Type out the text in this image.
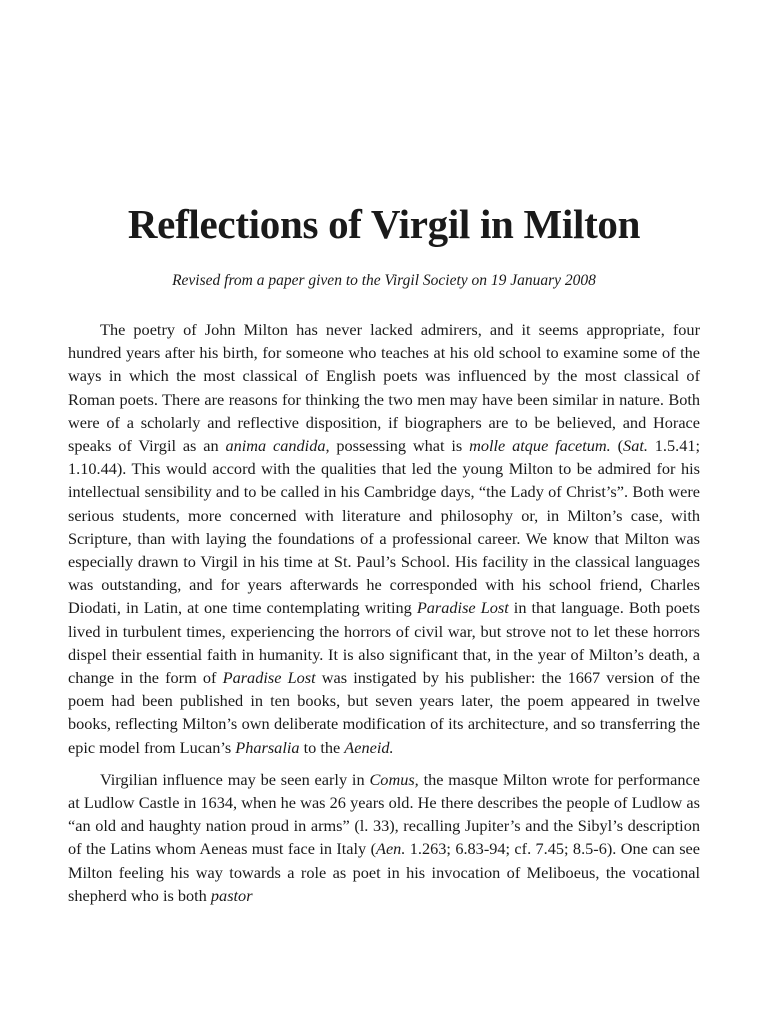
Reflections of Virgil in Milton

Revised from a paper given to the Virgil Society on 19 January 2008

The poetry of John Milton has never lacked admirers, and it seems appropriate, four hundred years after his birth, for someone who teaches at his old school to examine some of the ways in which the most classical of English poets was influenced by the most classical of Roman poets. There are reasons for thinking the two men may have been similar in nature. Both were of a scholarly and reflective disposition, if biographers are to be believed, and Horace speaks of Virgil as an anima candida, possessing what is molle atque facetum. (Sat. 1.5.41; 1.10.44). This would accord with the qualities that led the young Milton to be admired for his intellectual sensibility and to be called in his Cambridge days, “the Lady of Christ’s”. Both were serious students, more concerned with literature and philosophy or, in Milton’s case, with Scripture, than with laying the foundations of a professional career. We know that Milton was especially drawn to Virgil in his time at St. Paul’s School. His facility in the classical languages was outstanding, and for years afterwards he corresponded with his school friend, Charles Diodati, in Latin, at one time contemplating writing Paradise Lost in that language. Both poets lived in turbulent times, experiencing the horrors of civil war, but strove not to let these horrors dispel their essential faith in humanity. It is also significant that, in the year of Milton’s death, a change in the form of Paradise Lost was instigated by his publisher: the 1667 version of the poem had been published in ten books, but seven years later, the poem appeared in twelve books, reflecting Milton’s own deliberate modification of its architecture, and so transferring the epic model from Lucan’s Pharsalia to the Aeneid.

Virgilian influence may be seen early in Comus, the masque Milton wrote for performance at Ludlow Castle in 1634, when he was 26 years old. He there describes the people of Ludlow as “an old and haughty nation proud in arms” (l. 33), recalling Jupiter’s and the Sibyl’s description of the Latins whom Aeneas must face in Italy (Aen. 1.263; 6.83-94; cf. 7.45; 8.5-6). One can see Milton feeling his way towards a role as poet in his invocation of Meliboeus, the vocational shepherd who is both pastor
